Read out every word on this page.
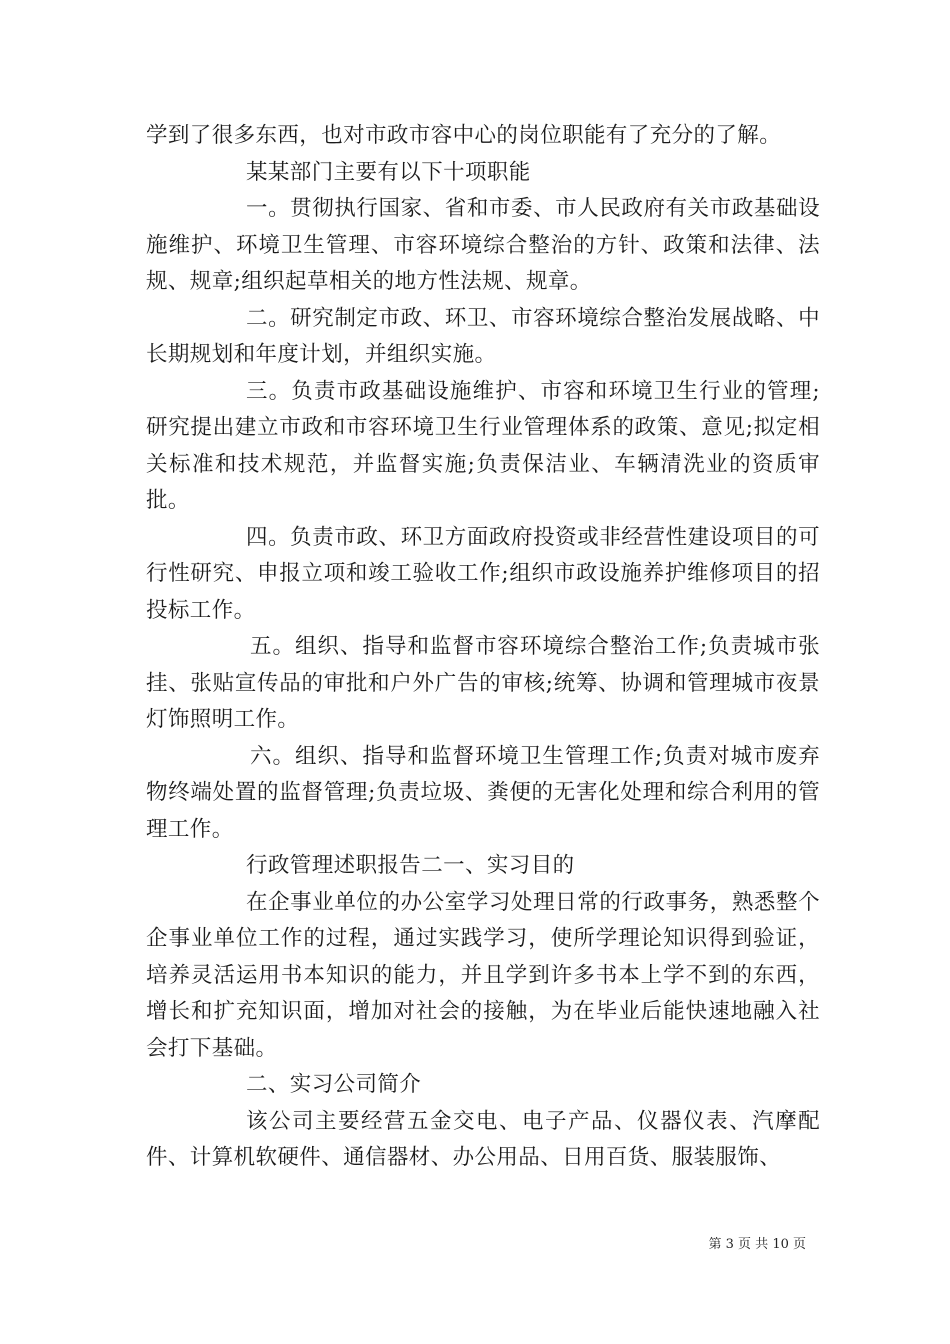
学到了很多东西，也对市政市容中心的岗位职能有了充分的了解。

某某部门主要有以下十项职能

一。贯彻执行国家、省和市委、市人民政府有关市政基础设施维护、环境卫生管理、市容环境综合整治的方针、政策和法律、法规、规章;组织起草相关的地方性法规、规章。

二。研究制定市政、环卫、市容环境综合整治发展战略、中长期规划和年度计划，并组织实施。

三。负责市政基础设施维护、市容和环境卫生行业的管理;研究提出建立市政和市容环境卫生行业管理体系的政策、意见;拟定相关标准和技术规范，并监督实施;负责保洁业、车辆清洗业的资质审批。

四。负责市政、环卫方面政府投资或非经营性建设项目的可行性研究、申报立项和竣工验收工作;组织市政设施养护维修项目的招投标工作。

五。组织、指导和监督市容环境综合整治工作;负责城市张挂、张贴宣传品的审批和户外广告的审核;统筹、协调和管理城市夜景灯饰照明工作。

六。组织、指导和监督环境卫生管理工作;负责对城市废弃物终端处置的监督管理;负责垃圾、粪便的无害化处理和综合利用的管理工作。

行政管理述职报告二一、实习目的

在企事业单位的办公室学习处理日常的行政事务，熟悉整个企事业单位工作的过程，通过实践学习，使所学理论知识得到验证，培养灵活运用书本知识的能力，并且学到许多书本上学不到的东西，增长和扩充知识面，增加对社会的接触，为在毕业后能快速地融入社会打下基础。

二、实习公司简介

该公司主要经营五金交电、电子产品、仪器仪表、汽摩配件、计算机软硬件、通信器材、办公用品、日用百货、服装服饰、

第 3 页 共 10 页
